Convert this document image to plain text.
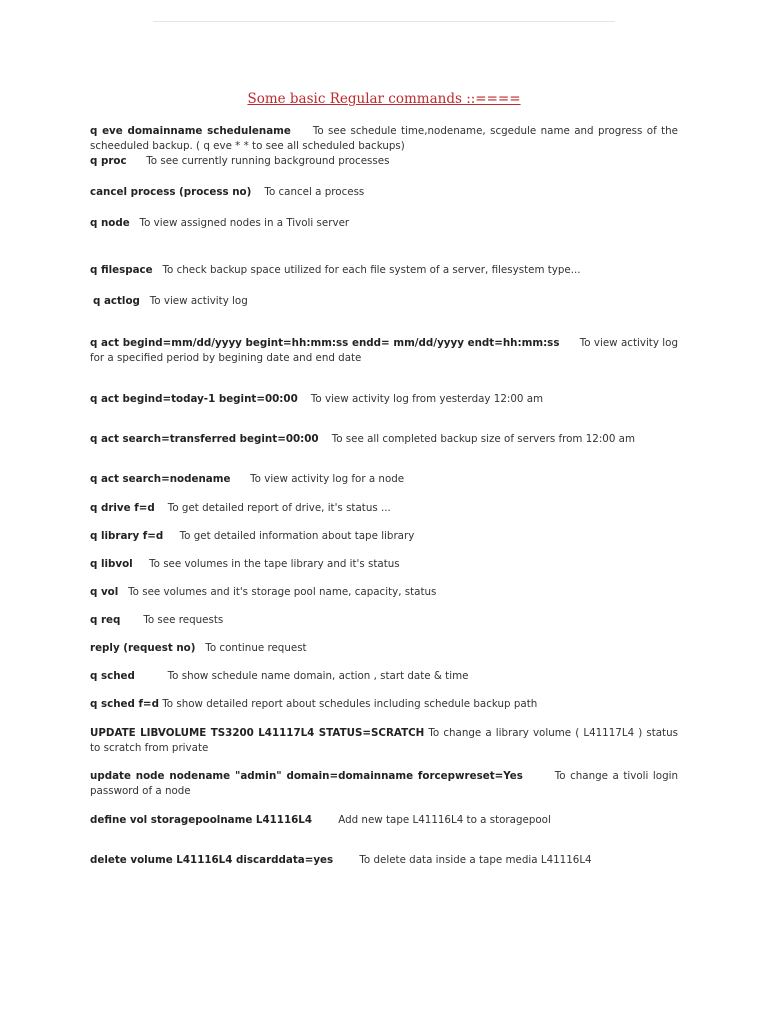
Some basic Regular commands ::====
q eve domainname schedulename To see schedule time,nodename, scgedule name and progress of the scheeduled backup. ( q eve * * to see all scheduled backups)
q proc To see currently running background processes
cancel process (process no) To cancel a process
q node To view assigned nodes in a Tivoli server
q filespace To check backup space utilized for each file system of a server, filesystem type...
q actlog To view activity log
q act begind=mm/dd/yyyy begint=hh:mm:ss endd= mm/dd/yyyy endt=hh:mm:ss To view activity log for a specified period by begining date and end date
q act begind=today-1 begint=00:00 To view activity log from yesterday 12:00 am
q act search=transferred begint=00:00 To see all completed backup size of servers from 12:00 am
q act search=nodename To view activity log for a node
q drive f=d To get detailed report of drive, it's status ...
q library f=d To get detailed information about tape library
q libvol To see volumes in the tape library and it's status
q vol To see volumes and it's storage pool name, capacity, status
q req To see requests
reply (request no) To continue request
q sched	To show schedule name domain, action , start date & time
q sched f=d To show detailed report about schedules including schedule backup path
UPDATE LIBVOLUME TS3200 L41117L4 STATUS=SCRATCH To change a library volume ( L41117L4 ) status to scratch from private
update node nodename "admin" domain=domainname forcepwreset=Yes	To change a tivoli login password of a node
define vol storagepoolname L41116L4	Add new tape L41116L4 to a storagepool
delete volume L41116L4 discarddata=yes	To delete data inside a tape media L41116L4
